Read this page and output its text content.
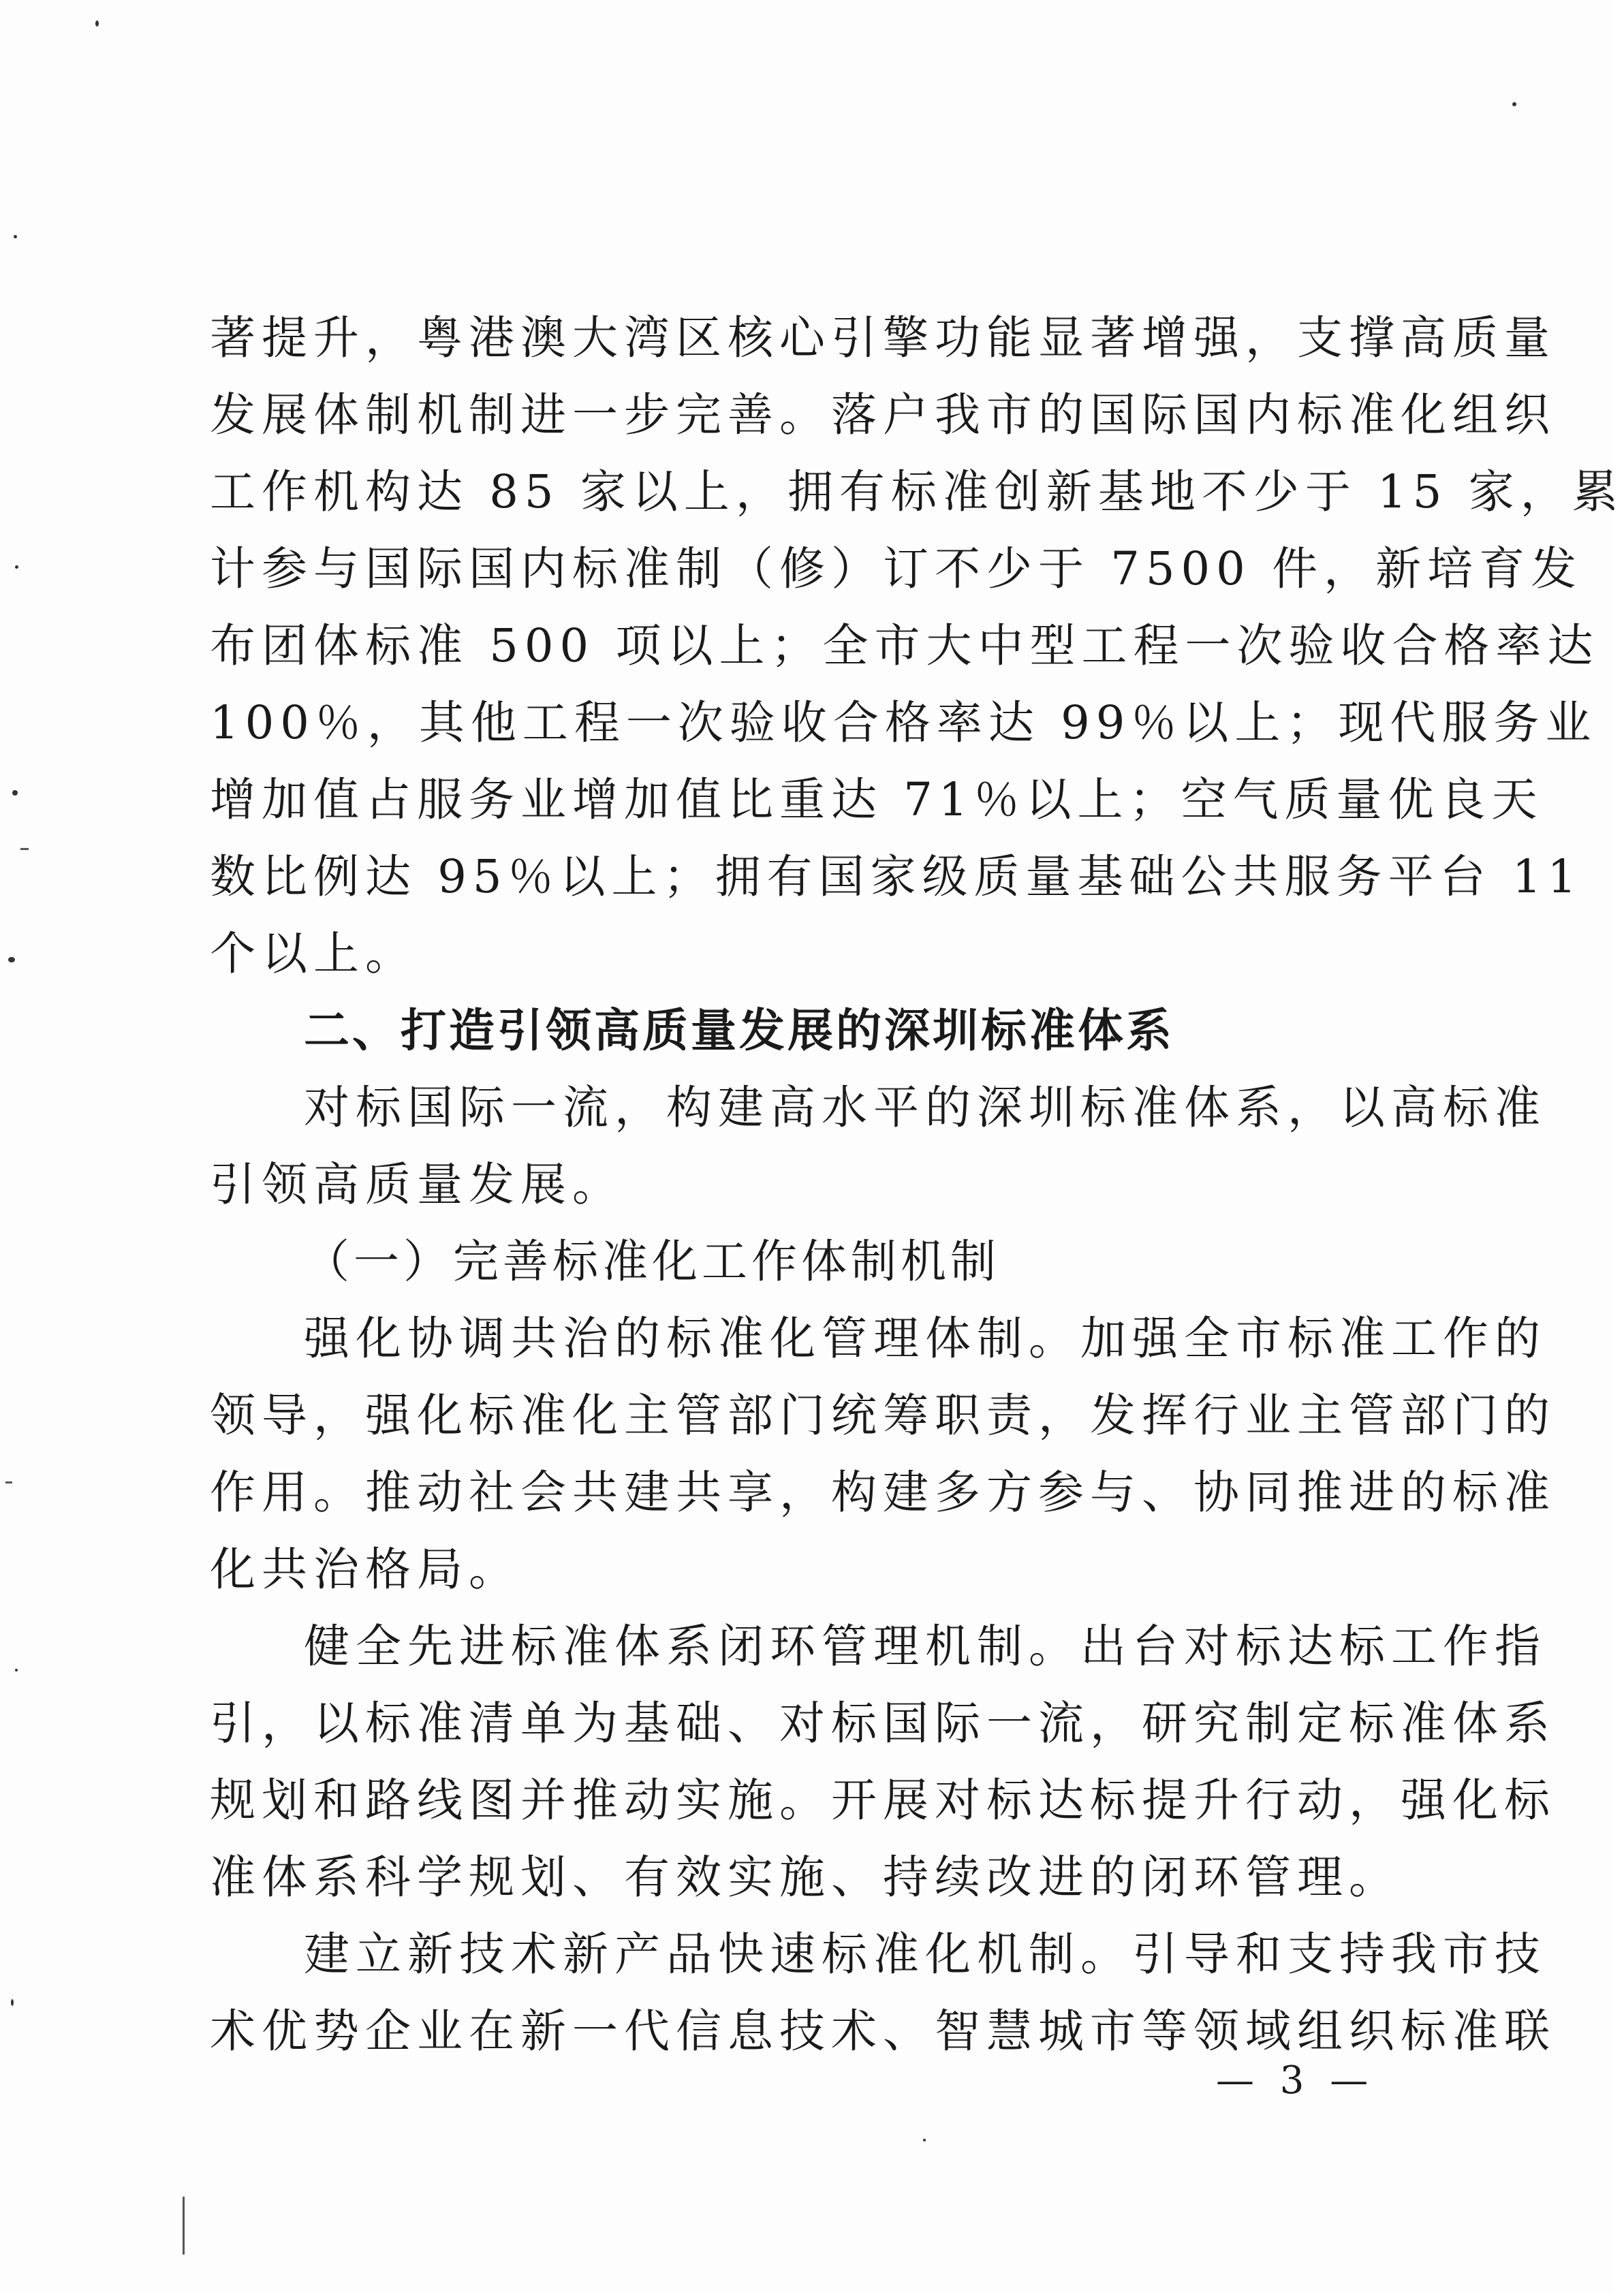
著提升，粤港澳大湾区核心引擎功能显著增强，支撑高质量
发展体制机制进一步完善。落户我市的国际国内标准化组织
工作机构达 85 家以上，拥有标准创新基地不少于 15 家，累
计参与国际国内标准制（修）订不少于 7500 件，新培育发
布团体标准 500 项以上；全市大中型工程一次验收合格率达
100％，其他工程一次验收合格率达 99％以上；现代服务业
增加值占服务业增加值比重达 71％以上；空气质量优良天
数比例达 95％以上；拥有国家级质量基础公共服务平台 11
个以上。
二、打造引领高质量发展的深圳标准体系
对标国际一流，构建高水平的深圳标准体系，以高标准
引领高质量发展。
（一）完善标准化工作体制机制
强化协调共治的标准化管理体制。加强全市标准工作的
领导，强化标准化主管部门统筹职责，发挥行业主管部门的
作用。推动社会共建共享，构建多方参与、协同推进的标准
化共治格局。
健全先进标准体系闭环管理机制。出台对标达标工作指
引，以标准清单为基础、对标国际一流，研究制定标准体系
规划和路线图并推动实施。开展对标达标提升行动，强化标
准体系科学规划、有效实施、持续改进的闭环管理。
建立新技术新产品快速标准化机制。引导和支持我市技
术优势企业在新一代信息技术、智慧城市等领域组织标准联
— 3 —
